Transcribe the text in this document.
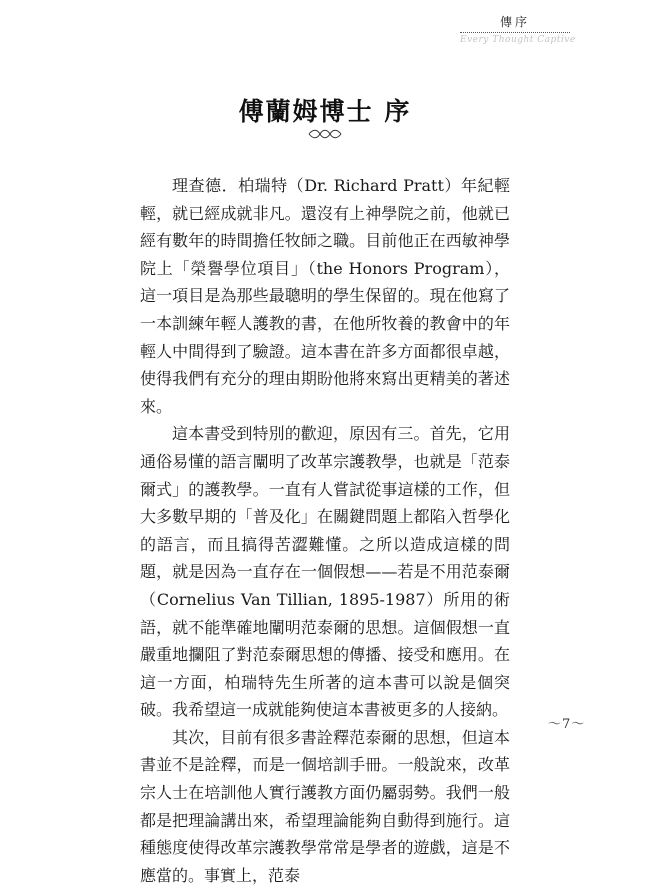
傳序
Every Thought Captive
傅蘭姆博士 序

理查德．柏瑞特（Dr. Richard Pratt）年紀輕輕，就已經成就非凡。還沒有上神學院之前，他就已經有數年的時間擔任牧師之職。目前他正在西敏神學院上「榮譽學位項目」（the Honors Program），這一項目是為那些最聰明的學生保留的。現在他寫了一本訓練年輕人護教的書，在他所牧養的教會中的年輕人中間得到了驗證。這本書在許多方面都很卓越，使得我們有充分的理由期盼他將來寫出更精美的著述來。

這本書受到特別的歡迎，原因有三。首先，它用通俗易懂的語言闡明了改革宗護教學，也就是「范泰爾式」的護教學。一直有人嘗試從事這樣的工作，但大多數早期的「普及化」在關鍵問題上都陷入哲學化的語言，而且搞得苦澀難懂。之所以造成這樣的問題，就是因為一直存在一個假想——若是不用范泰爾（Cornelius Van Tillian, 1895-1987）所用的術語，就不能準確地闡明范泰爾的思想。這個假想一直嚴重地攔阻了對范泰爾思想的傳播、接受和應用。在這一方面，柏瑞特先生所著的這本書可以說是個突破。我希望這一成就能夠使這本書被更多的人接納。

其次，目前有很多書詮釋范泰爾的思想，但這本書並不是詮釋，而是一個培訓手冊。一般說來，改革宗人士在培訓他人實行護教方面仍屬弱勢。我們一般都是把理論講出來，希望理論能夠自動得到施行。這種態度使得改革宗護教學常常是學者的遊戲，這是不應當的。事實上，范泰

～7～
